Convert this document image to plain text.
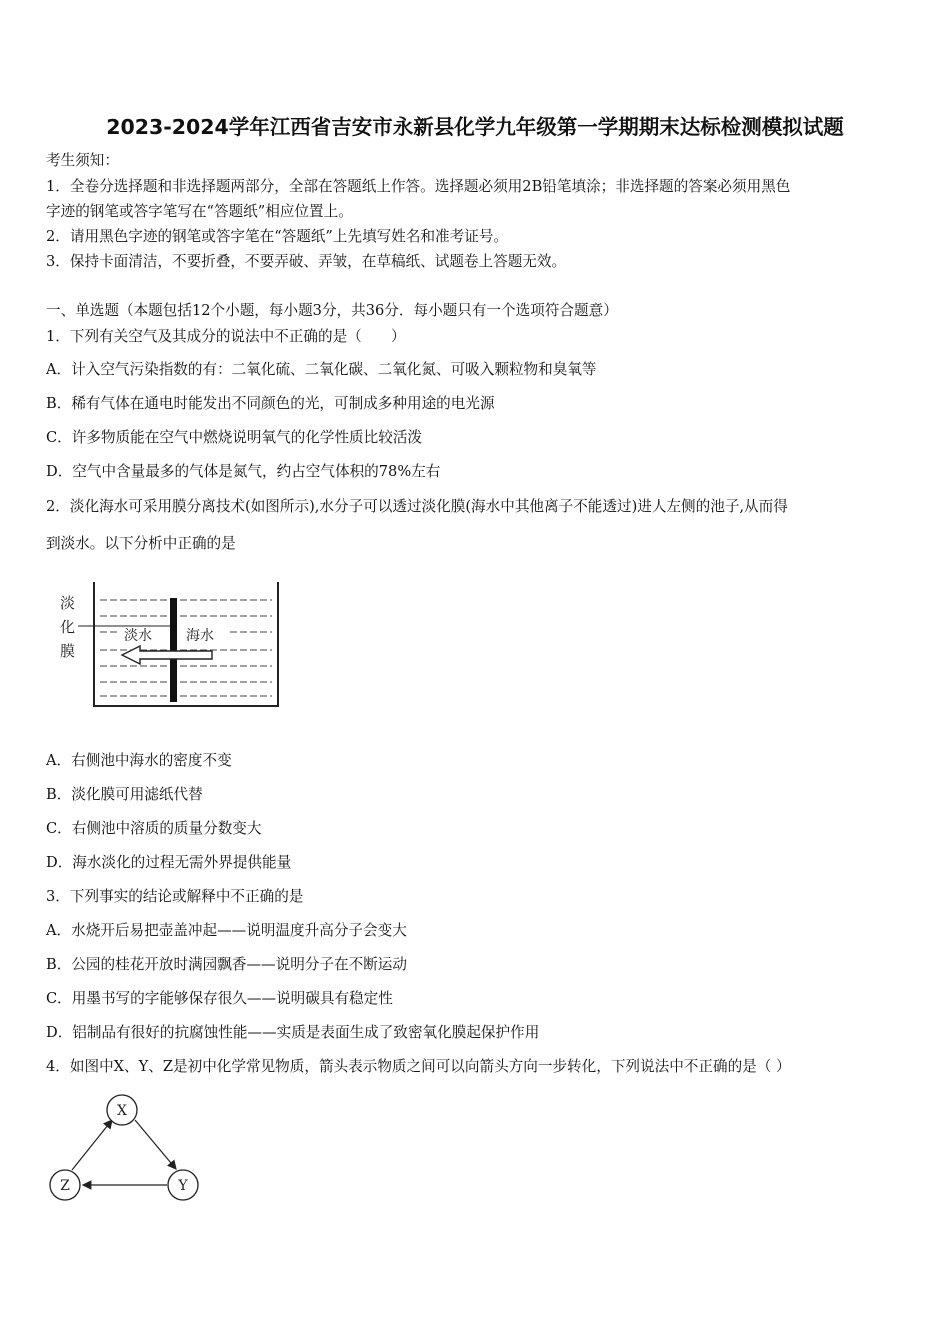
2023-2024学年江西省吉安市永新县化学九年级第一学期期末达标检测模拟试题
考生须知：
1．全卷分选择题和非选择题两部分，全部在答题纸上作答。选择题必须用2B铅笔填涂；非选择题的答案必须用黑色
字迹的钢笔或答字笔写在“答题纸”相应位置上。
2．请用黑色字迹的钢笔或答字笔在“答题纸”上先填写姓名和准考证号。
3．保持卡面清洁，不要折叠，不要弄破、弄皱，在草稿纸、试题卷上答题无效。
一、单选题（本题包括12个小题，每小题3分，共36分．每小题只有一个选项符合题意）
1．下列有关空气及其成分的说法中不正确的是（　　）
A．计入空气污染指数的有：二氧化硫、二氧化碳、二氧化氮、可吸入颗粒物和臭氧等
B．稀有气体在通电时能发出不同颜色的光，可制成多种用途的电光源
C．许多物质能在空气中燃烧说明氧气的化学性质比较活泼
D．空气中含量最多的气体是氮气，约占空气体积的78%左右
2．淡化海水可采用膜分离技术(如图所示),水分子可以透过淡化膜(海水中其他离子不能透过)进人左侧的池子,从而得
到淡水。以下分析中正确的是
淡水 海水
淡
化
膜
A．右侧池中海水的密度不变
B．淡化膜可用滤纸代替
C．右侧池中溶质的质量分数变大
D．海水淡化的过程无需外界提供能量
3．下列事实的结论或解释中不正确的是
A．水烧开后易把壶盖冲起——说明温度升高分子会变大
B．公园的桂花开放时满园飘香——说明分子在不断运动
C．用墨书写的字能够保存很久——说明碳具有稳定性
D．铝制品有很好的抗腐蚀性能——实质是表面生成了致密氧化膜起保护作用
4．如图中X、Y、Z是初中化学常见物质，箭头表示物质之间可以向箭头方向一步转化，下列说法中不正确的是（ ）
X
Y
Z
